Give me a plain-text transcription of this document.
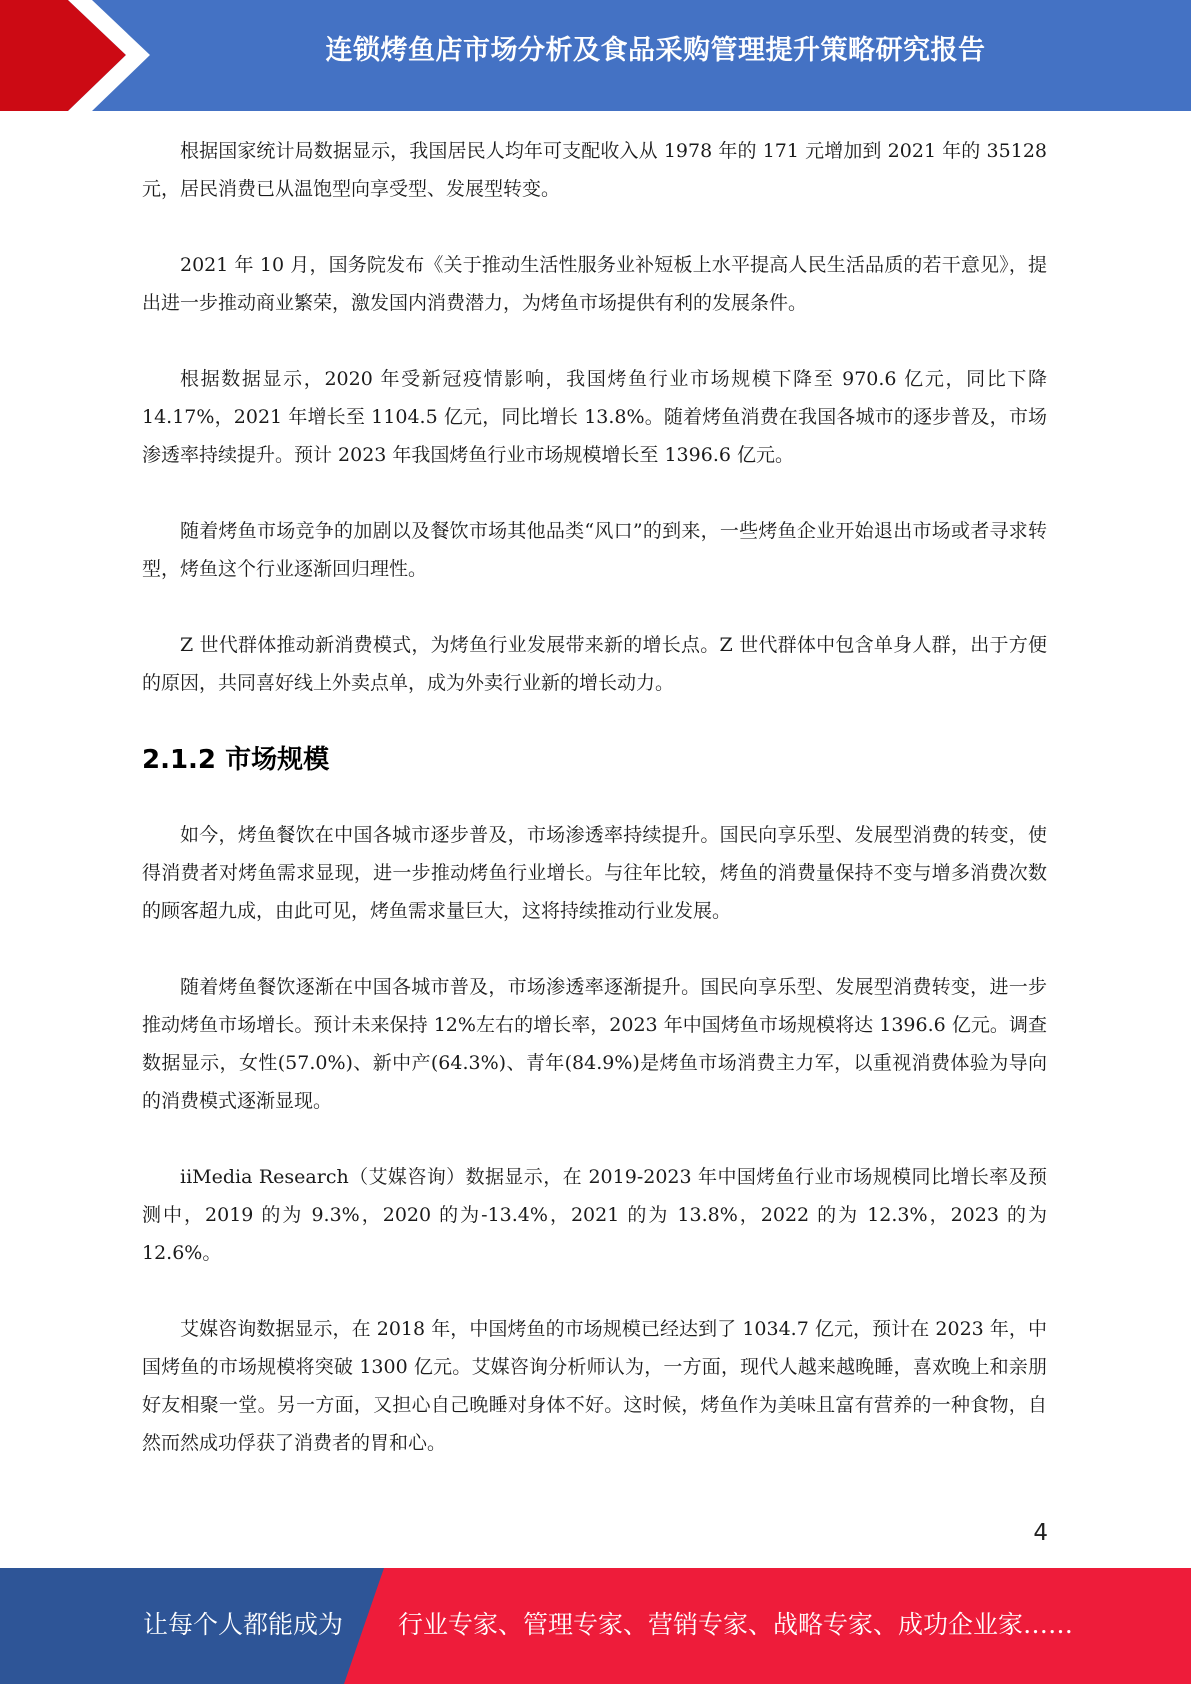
连锁烤鱼店市场分析及食品采购管理提升策略研究报告

根据国家统计局数据显示，我国居民人均年可支配收入从 1978 年的 171 元增加到 2021 年的 35128 元，居民消费已从温饱型向享受型、发展型转变。

2021 年 10 月，国务院发布《关于推动生活性服务业补短板上水平提高人民生活品质的若干意见》，提出进一步推动商业繁荣，激发国内消费潜力，为烤鱼市场提供有利的发展条件。

根据数据显示，2020 年受新冠疫情影响，我国烤鱼行业市场规模下降至 970.6 亿元，同比下降 14.17%，2021 年增长至 1104.5 亿元，同比增长 13.8%。随着烤鱼消费在我国各城市的逐步普及，市场渗透率持续提升。预计 2023 年我国烤鱼行业市场规模增长至 1396.6 亿元。

随着烤鱼市场竞争的加剧以及餐饮市场其他品类“风口”的到来，一些烤鱼企业开始退出市场或者寻求转型，烤鱼这个行业逐渐回归理性。

Z 世代群体推动新消费模式，为烤鱼行业发展带来新的增长点。Z 世代群体中包含单身人群，出于方便的原因，共同喜好线上外卖点单，成为外卖行业新的增长动力。

2.1.2 市场规模

如今，烤鱼餐饮在中国各城市逐步普及，市场渗透率持续提升。国民向享乐型、发展型消费的转变，使得消费者对烤鱼需求显现，进一步推动烤鱼行业增长。与往年比较，烤鱼的消费量保持不变与增多消费次数的顾客超九成，由此可见，烤鱼需求量巨大，这将持续推动行业发展。

随着烤鱼餐饮逐渐在中国各城市普及，市场渗透率逐渐提升。国民向享乐型、发展型消费转变，进一步推动烤鱼市场增长。预计未来保持 12%左右的增长率，2023 年中国烤鱼市场规模将达 1396.6 亿元。调查数据显示，女性(57.0%)、新中产(64.3%)、青年(84.9%)是烤鱼市场消费主力军，以重视消费体验为导向的消费模式逐渐显现。

iiMedia Research（艾媒咨询）数据显示，在 2019-2023 年中国烤鱼行业市场规模同比增长率及预测中，2019 的为 9.3%，2020 的为-13.4%，2021 的为 13.8%，2022 的为 12.3%，2023 的为 12.6%。

艾媒咨询数据显示，在 2018 年，中国烤鱼的市场规模已经达到了 1034.7 亿元，预计在 2023 年，中国烤鱼的市场规模将突破 1300 亿元。艾媒咨询分析师认为，一方面，现代人越来越晚睡，喜欢晚上和亲朋好友相聚一堂。另一方面，又担心自己晚睡对身体不好。这时候，烤鱼作为美味且富有营养的一种食物，自然而然成功俘获了消费者的胃和心。

4
让每个人都能成为 行业专家、管理专家、营销专家、战略专家、成功企业家……
